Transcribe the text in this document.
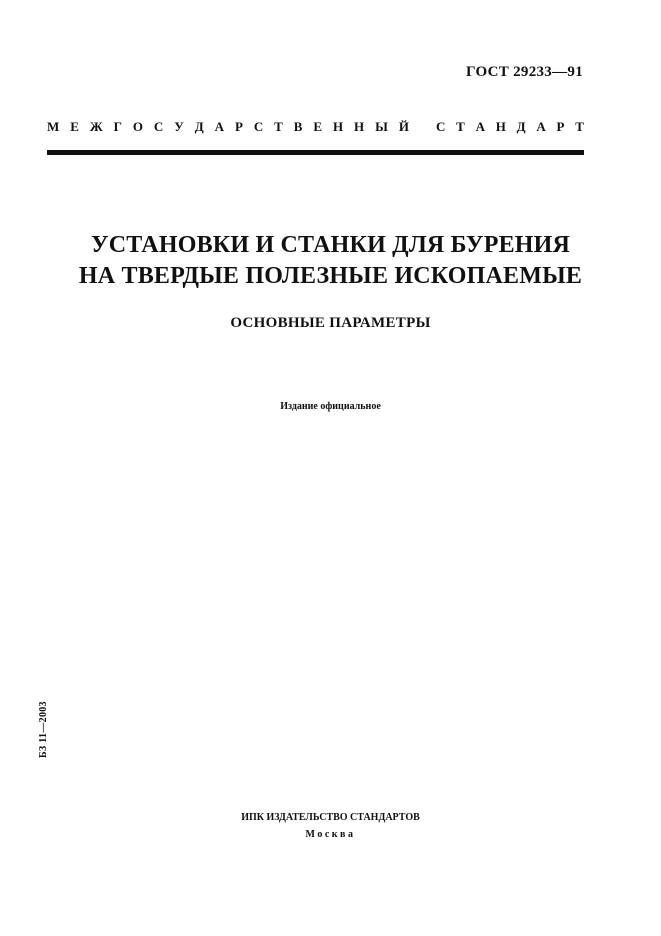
ГОСТ 29233—91
М Е Ж Г О С У Д А Р С Т В Е Н Н Ы Й С Т А Н Д А Р Т
УСТАНОВКИ И СТАНКИ ДЛЯ БУРЕНИЯ
НА ТВЕРДЫЕ ПОЛЕЗНЫЕ ИСКОПАЕМЫЕ
ОСНОВНЫЕ ПАРАМЕТРЫ
Издание официальное
БЗ 11—2003
ИПК ИЗДАТЕЛЬСТВО СТАНДАРТОВ
Москва
